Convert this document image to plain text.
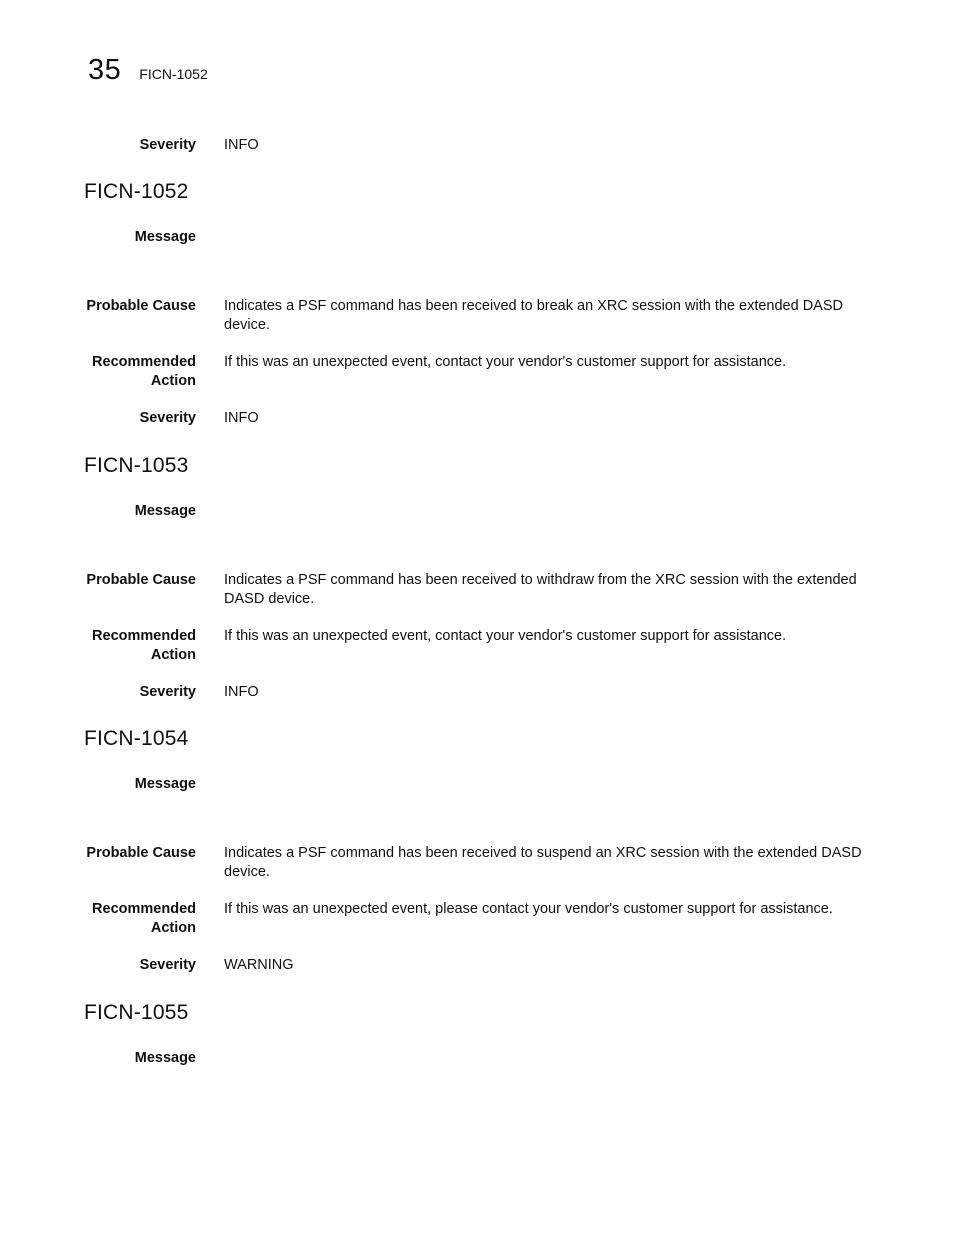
35 FICN-1052
Severity INFO
FICN-1052
Message
Probable Cause Indicates a PSF command has been received to break an XRC session with the extended DASD device.
Recommended
Action
If this was an unexpected event, contact your vendor's customer support for assistance.
Severity INFO
FICN-1053
Message
Probable Cause Indicates a PSF command has been received to withdraw from the XRC session with the extended DASD device.
Recommended
Action
If this was an unexpected event, contact your vendor's customer support for assistance.
Severity INFO
FICN-1054
Message
Probable Cause Indicates a PSF command has been received to suspend an XRC session with the extended DASD device.
Recommended
Action
If this was an unexpected event, please contact your vendor's customer support for assistance.
Severity WARNING
FICN-1055
Message
